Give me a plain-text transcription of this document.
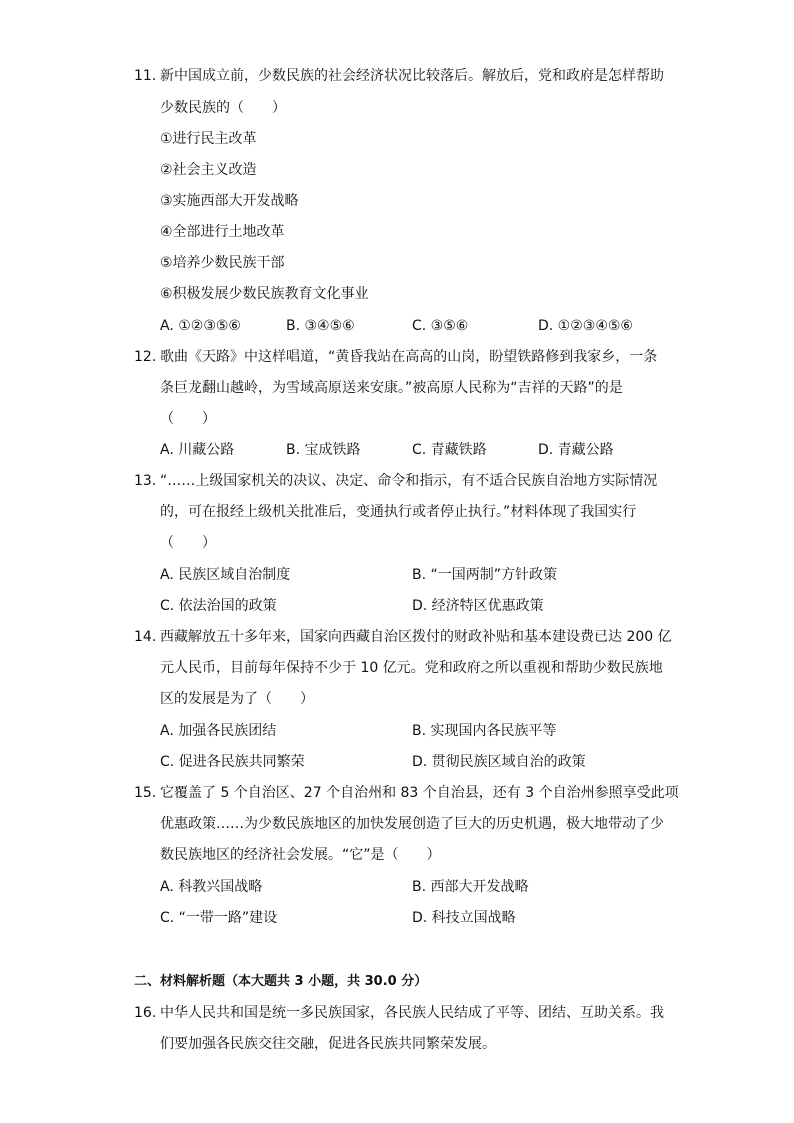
11. 新中国成立前，少数民族的社会经济状况比较落后。解放后，党和政府是怎样帮助
少数民族的（　　）
①进行民主改革
②社会主义改造
③实施西部大开发战略
④全部进行土地改革
⑤培养少数民族干部
⑥积极发展少数民族教育文化事业
A. ①②③⑤⑥	B. ③④⑤⑥	C. ③⑤⑥	D. ①②③④⑤⑥
12. 歌曲《天路》中这样唱道，“黄昏我站在高高的山岗，盼望铁路修到我家乡，一条
条巨龙翻山越岭，为雪域高原送来安康。”被高原人民称为“吉祥的天路”的是
（　　）
A. 川藏公路	B. 宝成铁路	C. 青藏铁路	D. 青藏公路
13. “……上级国家机关的决议、决定、命令和指示，有不适合民族自治地方实际情况
的，可在报经上级机关批准后，变通执行或者停止执行。”材料体现了我国实行
（　　）
A. 民族区域自治制度	B. “一国两制”方针政策
C. 依法治国的政策	D. 经济特区优惠政策
14. 西藏解放五十多年来，国家向西藏自治区拨付的财政补贴和基本建设费已达 200 亿
元人民币，目前每年保持不少于 10 亿元。党和政府之所以重视和帮助少数民族地
区的发展是为了（　　）
A. 加强各民族团结	B. 实现国内各民族平等
C. 促进各民族共同繁荣	D. 贯彻民族区域自治的政策
15. 它覆盖了 5 个自治区、27 个自治州和 83 个自治县，还有 3 个自治州参照享受此项
优惠政策……为少数民族地区的加快发展创造了巨大的历史机遇，极大地带动了少
数民族地区的经济社会发展。“它”是（　　）
A. 科教兴国战略	B. 西部大开发战略
C. “一带一路”建设	D. 科技立国战略
二、材料解析题（本大题共 3 小题，共 30.0 分）
16. 中华人民共和国是统一多民族国家，各民族人民结成了平等、团结、互助关系。我
们要加强各民族交往交融，促进各民族共同繁荣发展。
